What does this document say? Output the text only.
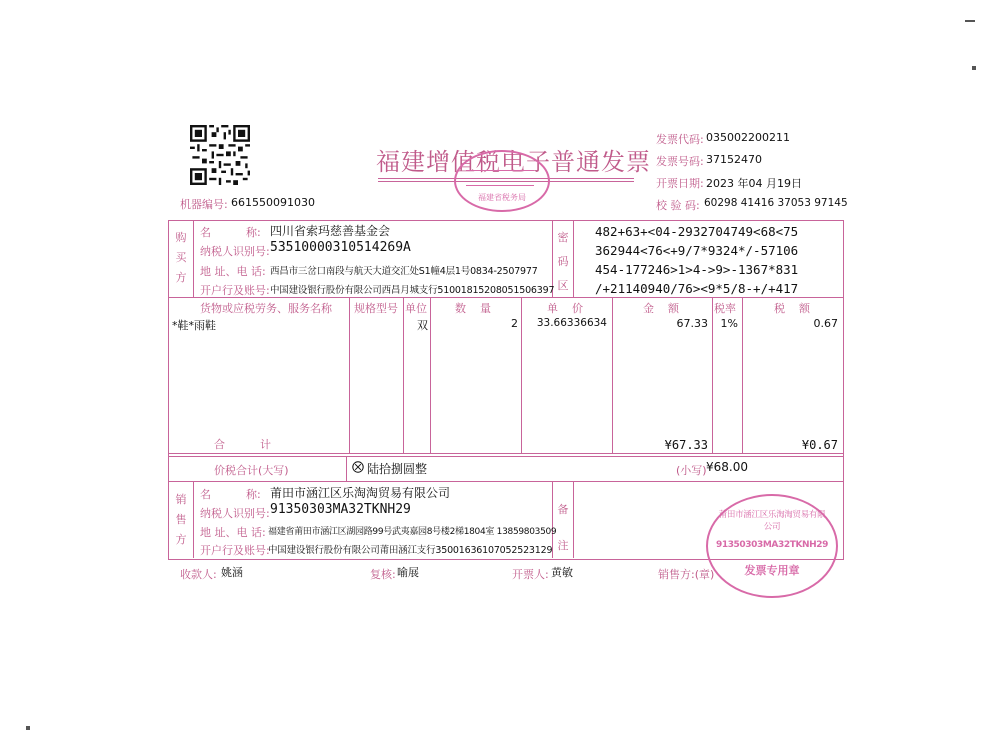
福建增值税电子普通发票
福建省税务局
发票代码: 035002200211
发票号码: 37152470
开票日期: 2023 年04 月19日
校 验 码: 60298 41416 37053 97145
机器编号: 661550091030
购
买
方
名          称: 四川省索玛慈善基金会
纳税人识别号: 53510000310514269A
地 址、电 话: 西昌市三岔口南段与航天大道交汇处S1幢4层1号0834-2507977
开户行及账号: 中国建设银行股份有限公司西昌月城支行51001815208051506397
密
码
区
482+63+<04-2932704749<68<75
362944<76<+9/7*9324*/-57106
454-177246>1>4->9>-1367*831
/+21140940/76><9*5/8-+/+417
货物或应税劳务、服务名称 规格型号 单位	数    量	单    价	金    额	税率	税    额
*鞋*雨鞋	双	2	33.66336634	67.33	1%	0.67
合          计	¥67.33	¥0.67
价税合计(大写)	陆拾捌圆整	(小写) ¥68.00
销
售
方
名          称: 莆田市涵江区乐淘淘贸易有限公司
纳税人识别号: 91350303MA32TKNH29
地 址、电 话: 福建省莆田市涵江区湖园路99号武夷嘉园8号楼2梯1804室 13859803509
开户行及账号:
中国建设银行股份有限公司莆田涵江支行35001636107052523129
备
注
莆田市涵江区乐淘淘贸易有限公司
91350303MA32TKNH29
发票专用章
收款人: 姚涵	复核: 喻展	开票人: 黄敏	销售方:(章)
